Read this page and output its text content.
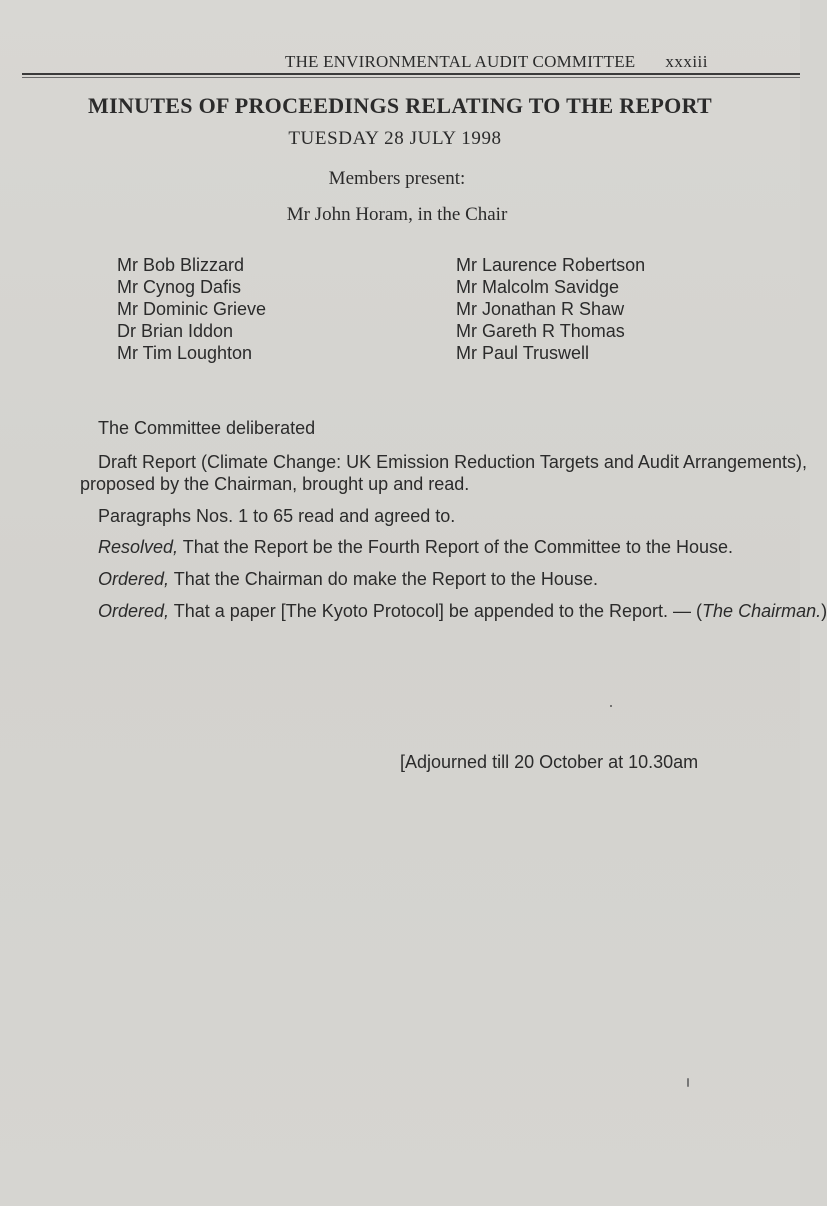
THE ENVIRONMENTAL AUDIT COMMITTEE xxxiii
MINUTES OF PROCEEDINGS RELATING TO THE REPORT
TUESDAY 28 JULY 1998
Members present:
Mr John Horam, in the Chair
Mr Bob Blizzard
Mr Cynog Dafis
Mr Dominic Grieve
Dr Brian Iddon
Mr Tim Loughton
Mr Laurence Robertson
Mr Malcolm Savidge
Mr Jonathan R Shaw
Mr Gareth R Thomas
Mr Paul Truswell
The Committee deliberated
Draft Report (Climate Change: UK Emission Reduction Targets and Audit Arrangements),
proposed by the Chairman, brought up and read.
Paragraphs Nos. 1 to 65 read and agreed to.
Resolved, That the Report be the Fourth Report of the Committee to the House.
Ordered, That the Chairman do make the Report to the House.
Ordered, That a paper [The Kyoto Protocol] be appended to the Report. — (The Chairman.)
[Adjourned till 20 October at 10.30am
